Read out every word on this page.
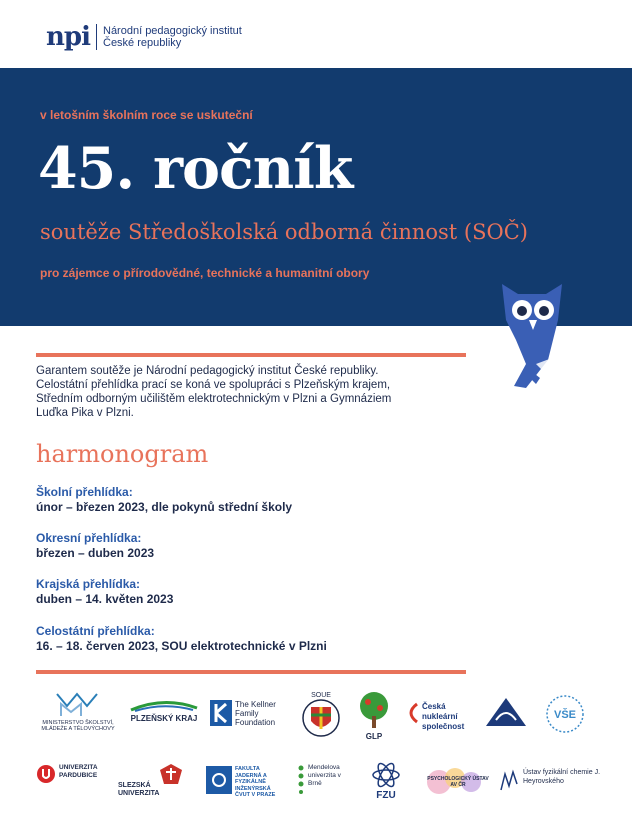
npi Národní pedagogický institut
České republiky
v letošním školním roce se uskuteční
45. ročník
soutěže Středoškolská odborná činnost (SOČ)
pro zájemce o přírodovědné, technické a humanitní obory
Garantem soutěže je Národní pedagogický institut České republiky.
Celostátní přehlídka prací se koná ve spolupráci s Plzeňským krajem,
Středním odborným učilištěm elektrotechnickým v Plzni a Gymnáziem
Luďka Pika v Plzni.
harmonogram
Školní přehlídka:
únor – březen 2023, dle pokynů střední školy
Okresní přehlídka:
březen – duben 2023
Krajská přehlídka:
duben – 14. květen 2023
Celostátní přehlídka:
16. – 18. červen 2023, SOU elektrotechnické v Plzni
MINISTERSTVO ŠKOLSTVÍ, MLÁDEŽE A TĚLOVÝCHOVY
PLZEŇSKÝ KRAJ
The Kellner Family Foundation
SOUE
GLP
Česká nukleární společnost
VŠE
UNIVERZITA PARDUBICE
SLEZSKÁ UNIVERZITA
FAKULTA JADERNÁ A FYZIKÁLNĚ INŽENÝRSKÁ ČVUT V PRAZE
Mendelova univerzita v Brně
FZU
PSYCHOLOGICKÝ ÚSTAV AV ČR
Ústav fyzikální chemie J. Heyrovského
